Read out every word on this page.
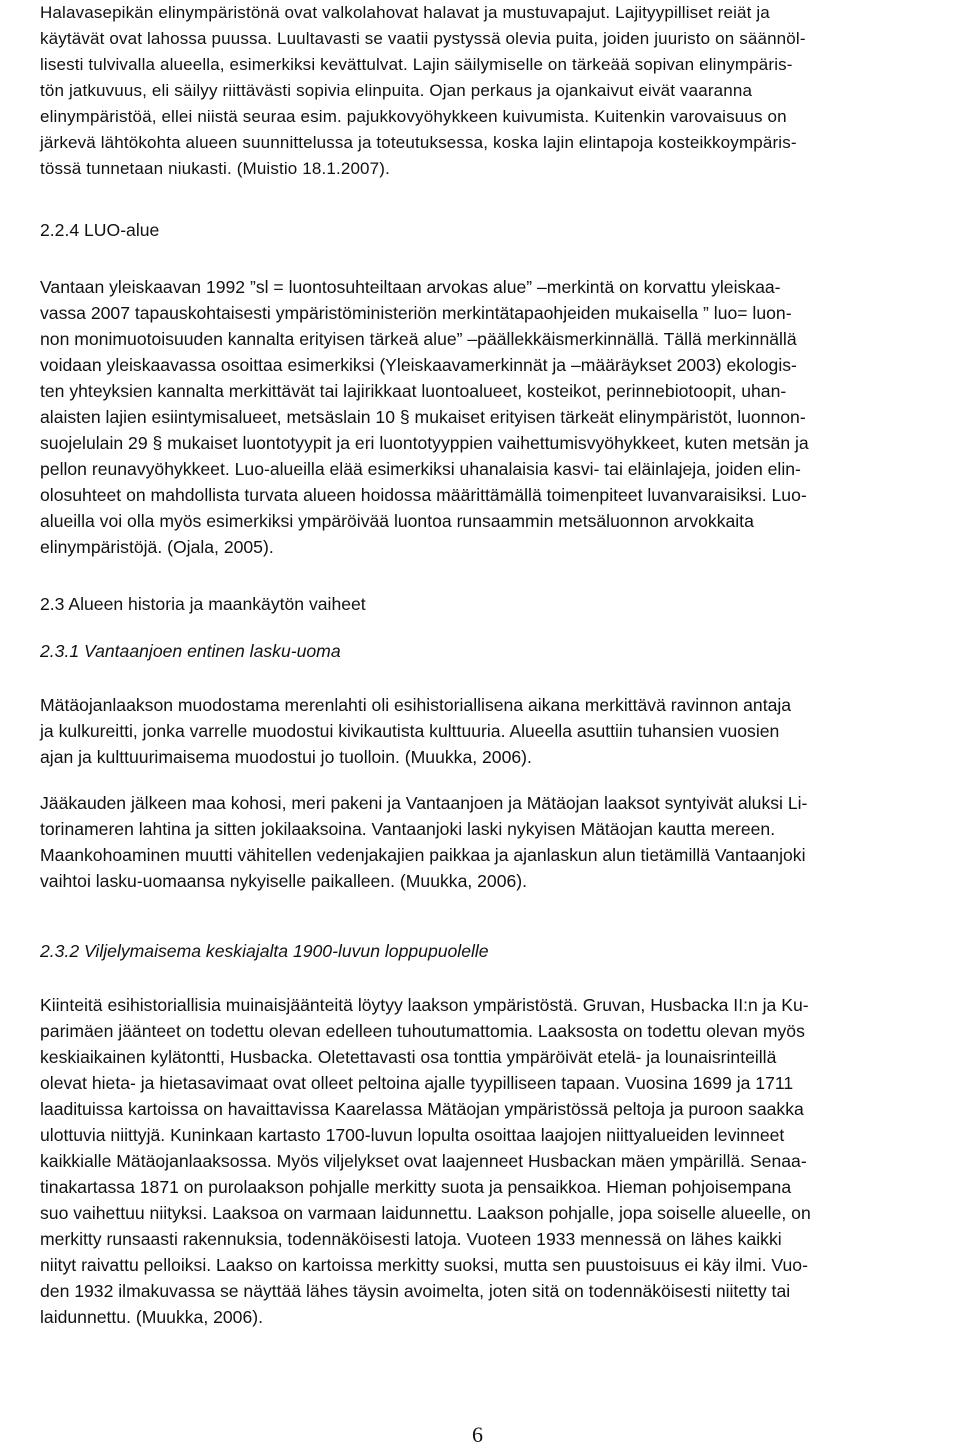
Halavasepikän elinympäristönä ovat valkolahovat halavat ja mustuvapajut. Lajityypilliset reiät ja
käytävät ovat lahossa puussa. Luultavasti se vaatii pystyssä olevia puita, joiden juuristo on säännöl-
lisesti tulvivalla alueella, esimerkiksi kevättulvat. Lajin säilymiselle on tärkeää sopivan elinympäris-
tön jatkuvuus, eli säilyy riittävästi sopivia elinpuita. Ojan perkaus ja ojankaivut eivät vaaranna
elinympäristöä, ellei niistä seuraa esim. pajukkovyöhykkeen kuivumista. Kuitenkin varovaisuus on
järkevä lähtökohta alueen suunnittelussa ja toteutuksessa, koska lajin elintapoja kosteikkoympäris-
tössä tunnetaan niukasti. (Muistio 18.1.2007).
2.2.4 LUO-alue
Vantaan yleiskaavan 1992 ”sl = luontosuhteiltaan arvokas alue” –merkintä on korvattu yleiskaa-
vassa 2007 tapauskohtaisesti ympäristöministeriön merkintätapaohjeiden mukaisella ” luo= luon-
non monimuotoisuuden kannalta erityisen tärkeä alue” –päällekkäismerkinnällä. Tällä merkinnällä
voidaan yleiskaavassa osoittaa esimerkiksi (Yleiskaavamerkinnät ja –määräykset 2003) ekologis-
ten yhteyksien kannalta merkittävät tai lajirikkaat luontoalueet, kosteikot, perinnebiotoopit, uhan-
alaisten lajien esiintymisalueet, metsäslain 10 § mukaiset erityisen tärkeät elinympäristöt, luonnon-
suojelulain 29 § mukaiset luontotyypit ja eri luontotyyppien vaihettumisvyöhykkeet, kuten metsän ja
pellon reunavyöhykkeet. Luo-alueilla elää esimerkiksi uhanalaisia kasvi- tai eläinlajeja, joiden elin-
olosuhteet on mahdollista turvata alueen hoidossa määrittämällä toimenpiteet luvanvaraisiksi. Luo-
alueilla voi olla myös esimerkiksi ympäröivää luontoa runsaammin metsäluonnon arvokkaita
elinympäristöjä. (Ojala, 2005).
2.3 Alueen historia ja maankäytön vaiheet
2.3.1 Vantaanjoen entinen lasku-uoma
Mätäojanlaakson muodostama merenlahti oli esihistoriallisena aikana merkittävä ravinnon antaja
ja kulkureitti, jonka varrelle muodostui kivikautista kulttuuria. Alueella asuttiin tuhansien vuosien
ajan ja kulttuurimaisema muodostui jo tuolloin. (Muukka, 2006).
Jääkauden jälkeen maa kohosi, meri pakeni ja Vantaanjoen ja Mätäojan laaksot syntyivät aluksi Li-
torinameren lahtina ja sitten jokilaaksoina. Vantaanjoki laski nykyisen Mätäojan kautta mereen.
Maankohoaminen muutti vähitellen vedenjakajien paikkaa ja ajanlaskun alun tietämillä Vantaanjoki
vaihtoi lasku-uomaansa nykyiselle paikalleen. (Muukka, 2006).
2.3.2 Viljelymaisema keskiajalta 1900-luvun loppupuolelle
Kiinteitä esihistoriallisia muinaisjäänteitä löytyy laakson ympäristöstä. Gruvan, Husbacka II:n ja Ku-
parimäen jäänteet on todettu olevan edelleen tuhoutumattomia. Laaksosta on todettu olevan myös
keskiaikainen kylätontti, Husbacka. Oletettavasti osa tonttia ympäröivät etelä- ja lounaisrinteillä
olevat hieta- ja hietasavimaat ovat olleet peltoina ajalle tyypilliseen tapaan. Vuosina 1699 ja 1711
laadituissa kartoissa on havaittavissa Kaarelassa Mätäojan ympäristössä peltoja ja puroon saakka
ulottuvia niittyjä. Kuninkaan kartasto 1700-luvun lopulta osoittaa laajojen niittyalueiden levinneet
kaikkialle Mätäojanlaaksossa. Myös viljelykset ovat laajenneet Husbackan mäen ympärillä. Senaa-
tinakartassa 1871 on purolaakson pohjalle merkitty suota ja pensaikkoa. Hieman pohjoisempana
suo vaihettuu niityksi. Laaksoa on varmaan laidunnettu. Laakson pohjalle, jopa soiselle alueelle, on
merkitty runsaasti rakennuksia, todennäköisesti latoja. Vuoteen 1933 mennessä on lähes kaikki
niityt raivattu pelloiksi. Laakso on kartoissa merkitty suoksi, mutta sen puustoisuus ei käy ilmi. Vuo-
den 1932 ilmakuvassa se näyttää lähes täysin avoimelta, joten sitä on todennäköisesti niitetty tai
laidunnettu. (Muukka, 2006).
6
